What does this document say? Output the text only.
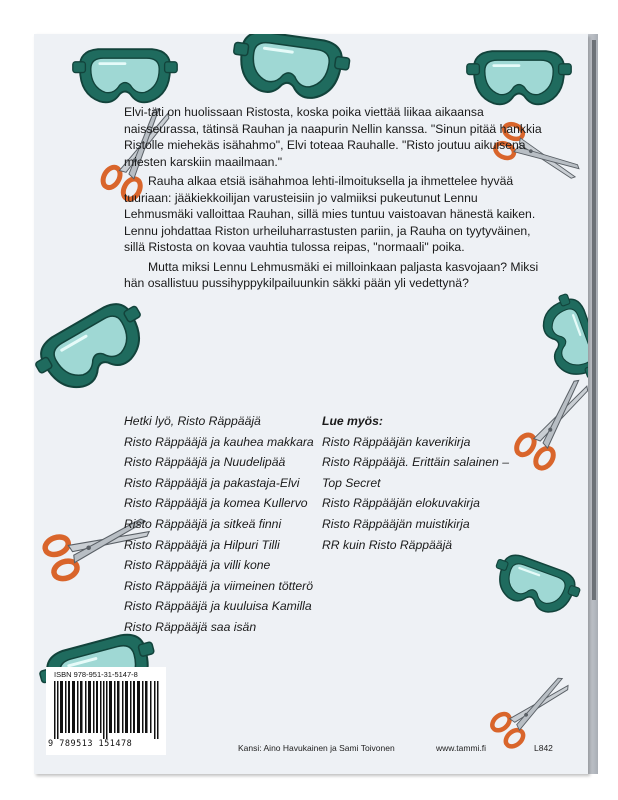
Elvi-täti on huolissaan Ristosta, koska poika viettää liikaa aikaansa naisseurassa, tätinsä Rauhan ja naapurin Nellin kanssa. "Sinun pitää hankkia Ristolle miehekäs isähahmo", Elvi toteaa Rauhalle. "Risto joutuu aikuisena miesten karskiin maailmaan."

Rauha alkaa etsiä isähahmoa lehti-ilmoituksella ja ihmettelee hyvää tuuriaan: jääkiekkoilijan varusteisiin jo valmiiksi pukeutunut Lennu Lehmusmäki valloittaa Rauhan, sillä mies tuntuu vaistoavan hänestä kaiken. Lennu johdattaa Riston urheiluharrastusten pariin, ja Rauha on tyytyväinen, sillä Ristosta on kovaa vauhtia tulossa reipas, "normaali" poika.

Mutta miksi Lennu Lehmusmäki ei milloinkaan paljasta kasvojaan? Miksi hän osallistuu pussihyppykilpailuunkin säkki pään yli vedettynä?

Hetki lyö, Risto Räppääjä
Risto Räppääjä ja kauhea makkara
Risto Räppääjä ja Nuudelipää
Risto Räppääjä ja pakastaja-Elvi
Risto Räppääjä ja komea Kullervo
Risto Räppääjä ja sitkeä finni
Risto Räppääjä ja Hilpuri Tilli
Risto Räppääjä ja villi kone
Risto Räppääjä ja viimeinen tötterö
Risto Räppääjä ja kuuluisa Kamilla
Risto Räppääjä saa isän
Lue myös:
Risto Räppääjän kaverikirja
Risto Räppääjä. Erittäin salainen –
Top Secret
Risto Räppääjän elokuvakirja
Risto Räppääjän muistikirja
RR kuin Risto Räppääjä
ISBN 978-951-31-5147-8
9 789513 151478	Kansi: Aino Havukainen ja Sami Toivonen	www.tammi.fi	L842
